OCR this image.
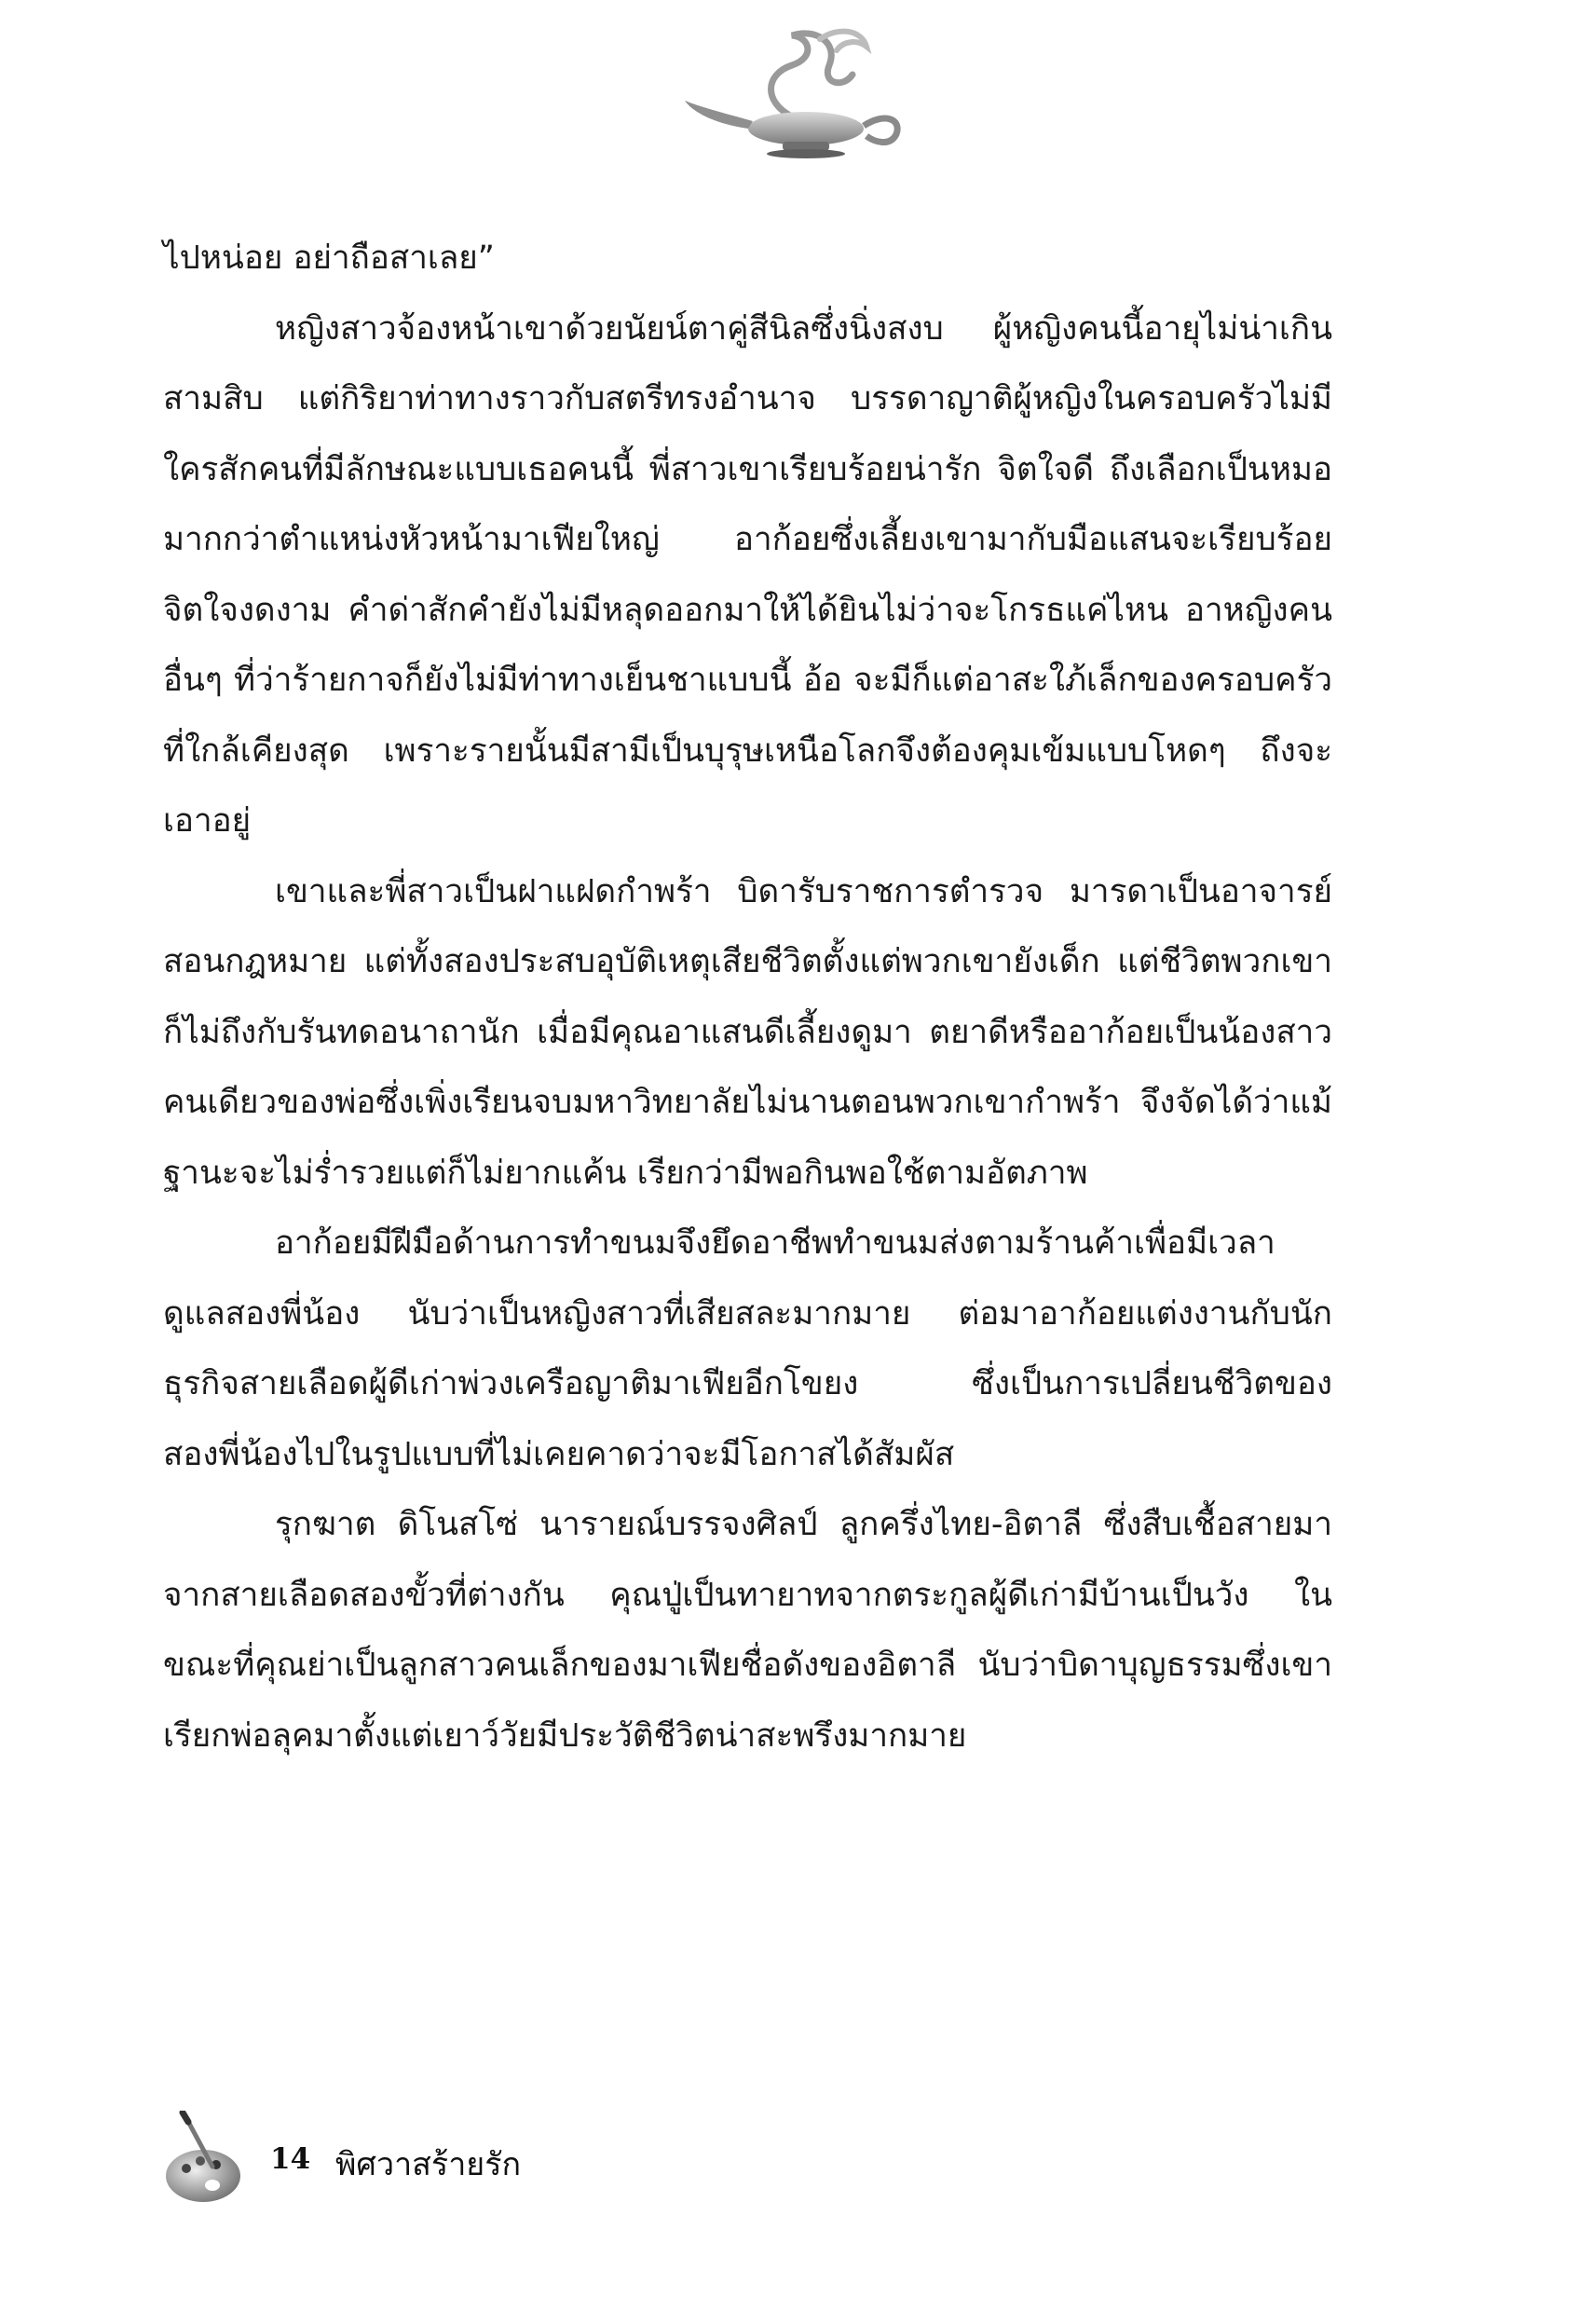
ไปหน่อย อย่าถือสาเลย”

หญิงสาวจ้องหน้าเขาด้วยนัยน์ตาคู่สีนิลซึ่งนิ่งสงบ ผู้หญิงคนนี้อายุไม่น่าเกินสามสิบ แต่กิริยาท่าทางราวกับสตรีทรงอำนาจ บรรดาญาติผู้หญิงในครอบครัวไม่มีใครสักคนที่มีลักษณะแบบเธอคนนี้ พี่สาวเขาเรียบร้อยน่ารัก จิตใจดี ถึงเลือกเป็นหมอมากกว่าตำแหน่งหัวหน้ามาเฟียใหญ่ อาก้อยซึ่งเลี้ยงเขามากับมือแสนจะเรียบร้อย จิตใจงดงาม คำด่าสักคำยังไม่มีหลุดออกมาให้ได้ยินไม่ว่าจะโกรธแค่ไหน อาหญิงคนอื่นๆ ที่ว่าร้ายกาจก็ยังไม่มีท่าทางเย็นชาแบบนี้ อ้อ จะมีก็แต่อาสะใภ้เล็กของครอบครัวที่ใกล้เคียงสุด เพราะรายนั้นมีสามีเป็นบุรุษเหนือโลกจึงต้องคุมเข้มแบบโหดๆ ถึงจะเอาอยู่

เขาและพี่สาวเป็นฝาแฝดกำพร้า บิดารับราชการตำรวจ มารดาเป็นอาจารย์สอนกฎหมาย แต่ทั้งสองประสบอุบัติเหตุเสียชีวิตตั้งแต่พวกเขายังเด็ก แต่ชีวิตพวกเขาก็ไม่ถึงกับรันทดอนาถานัก เมื่อมีคุณอาแสนดีเลี้ยงดูมา ตยาดีหรืออาก้อยเป็นน้องสาวคนเดียวของพ่อซึ่งเพิ่งเรียนจบมหาวิทยาลัยไม่นานตอนพวกเขากำพร้า จึงจัดได้ว่าแม้ฐานะจะไม่ร่ำรวยแต่ก็ไม่ยากแค้น เรียกว่ามีพอกินพอใช้ตามอัตภาพ

อาก้อยมีฝีมือด้านการทำขนมจึงยึดอาชีพทำขนมส่งตามร้านค้าเพื่อมีเวลาดูแลสองพี่น้อง นับว่าเป็นหญิงสาวที่เสียสละมากมาย ต่อมาอาก้อยแต่งงานกับนักธุรกิจสายเลือดผู้ดีเก่าพ่วงเครือญาติมาเฟียอีกโขยง ซึ่งเป็นการเปลี่ยนชีวิตของสองพี่น้องไปในรูปแบบที่ไม่เคยคาดว่าจะมีโอกาสได้สัมผัส

รุกฆาต ดิโนสโซ่ นารายณ์บรรจงศิลป์ ลูกครึ่งไทย-อิตาลี ซึ่งสืบเชื้อสายมาจากสายเลือดสองขั้วที่ต่างกัน คุณปู่เป็นทายาทจากตระกูลผู้ดีเก่ามีบ้านเป็นวัง ในขณะที่คุณย่าเป็นลูกสาวคนเล็กของมาเฟียชื่อดังของอิตาลี นับว่าบิดาบุญธรรมซึ่งเขาเรียกพ่อลุคมาตั้งแต่เยาว์วัยมีประวัติชีวิตน่าสะพรึงมากมาย

14 พิศวาสร้ายรัก
